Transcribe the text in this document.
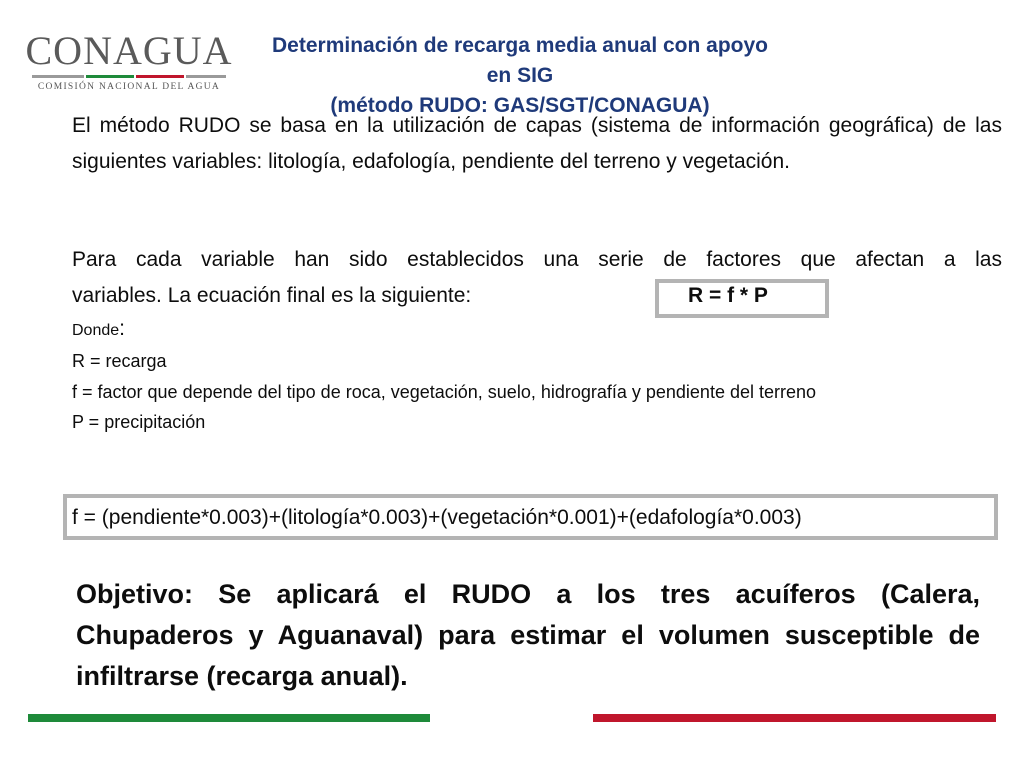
CONAGUA
COMISIÓN NACIONAL DEL AGUA
Determinación de recarga media anual con apoyo en SIG
(método RUDO: GAS/SGT/CONAGUA)

El método RUDO se basa en la utilización de capas (sistema de información geográfica) de las siguientes variables: litología, edafología, pendiente del terreno y vegetación.

Para cada variable han sido establecidos una serie de factores que afectan a las
variables. La ecuación final es la siguiente:	R = f * P
Donde:
R = recarga
f = factor que depende del tipo de roca, vegetación, suelo, hidrografía y pendiente del terreno
P = precipitación
f = (pendiente*0.003)+(litología*0.003)+(vegetación*0.001)+(edafología*0.003)

Objetivo: Se aplicará el RUDO a los tres acuíferos (Calera, Chupaderos y Aguanaval) para estimar el volumen susceptible de infiltrarse (recarga anual).
